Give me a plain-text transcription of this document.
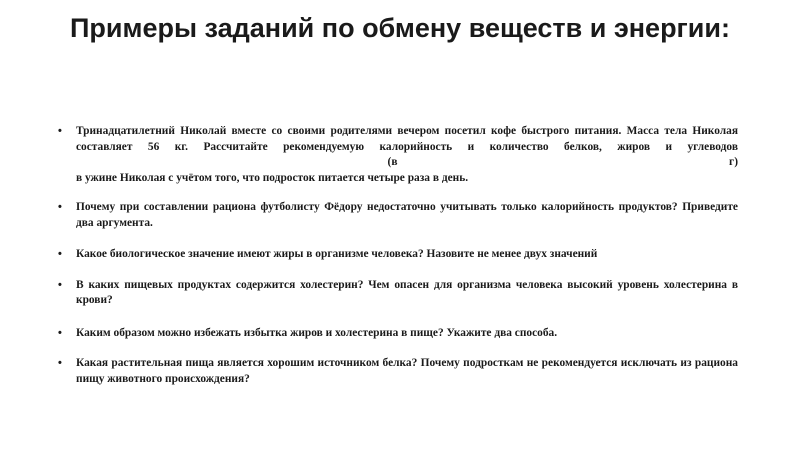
Примеры заданий по обмену веществ и энергии:
• Тринадцатилетний Николай вместе со своими родителями вечером посетил кофе быстрого питания. Масса тела Николая составляет 56 кг. Рассчитайте рекомендуемую калорийность и количество белков, жиров и углеводов
(в	г)
в ужине Николая с учётом того, что подросток питается четыре раза в день.
• Почему при составлении рациона футболисту Фёдору недостаточно учитывать только калорийность продуктов? Приведите два аргумента.
• Какое биологическое значение имеют жиры в организме человека? Назовите не менее двух значений
• В каких пищевых продуктах содержится холестерин? Чем опасен для организма человека высокий уровень холестерина в крови?
• Каким образом можно избежать избытка жиров и холестерина в пище? Укажите два способа.
• Какая растительная пища является хорошим источником белка? Почему подросткам не рекомендуется исключать из рациона пищу животного происхождения?
